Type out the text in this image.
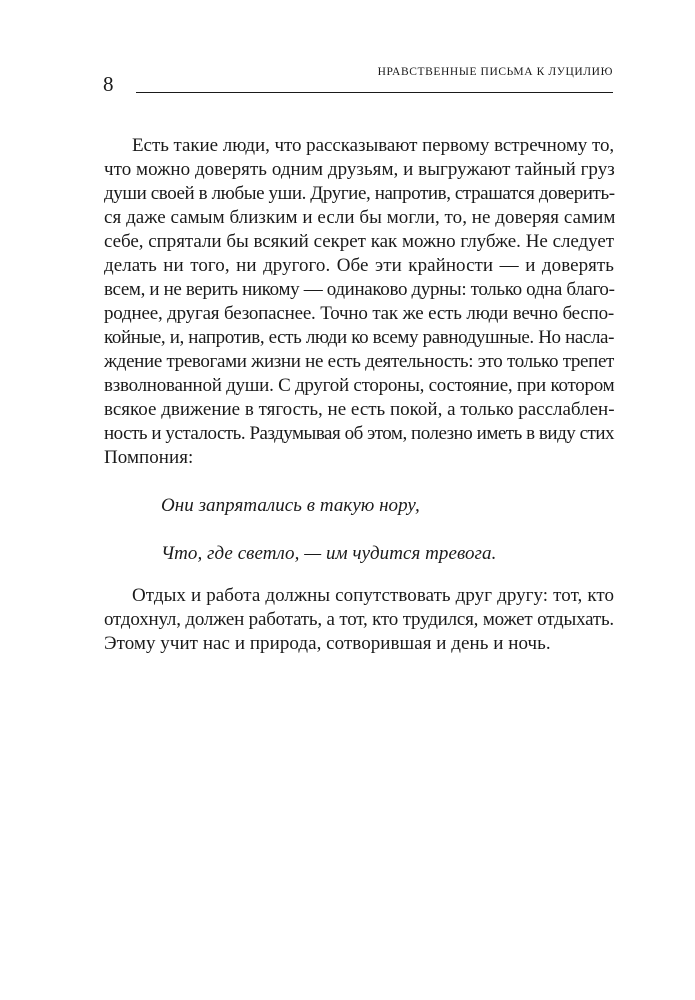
8	НРАВСТВЕННЫЕ ПИСЬМА К ЛУЦИЛИЮ
Есть такие люди, что рассказывают первому встречному то,
что можно доверять одним друзьям, и выгружают тайный груз
души своей в любые уши. Другие, напротив, страшатся доверить-
ся даже самым близким и если бы могли, то, не доверяя самим
себе, спрятали бы всякий секрет как можно глубже. Не следует
делать ни того, ни другого. Обе эти крайности — и доверять
всем, и не верить никому — одинаково дурны: только одна благо-
роднее, другая безопаснее. Точно так же есть люди вечно беспо-
койные, и, напротив, есть люди ко всему равнодушные. Но насла-
ждение тревогами жизни не есть деятельность: это только трепет
взволнованной души. С другой стороны, состояние, при котором
всякое движение в тягость, не есть покой, а только расслаблен-
ность и усталость. Раздумывая об этом, полезно иметь в виду стих
Помпония:
Они запрятались в такую нору,
Что, где светло, — им чудится тревога.
Отдых и работа должны сопутствовать друг другу: тот, кто
отдохнул, должен работать, а тот, кто трудился, может отдыхать.
Этому учит нас и природа, сотворившая и день и ночь.
